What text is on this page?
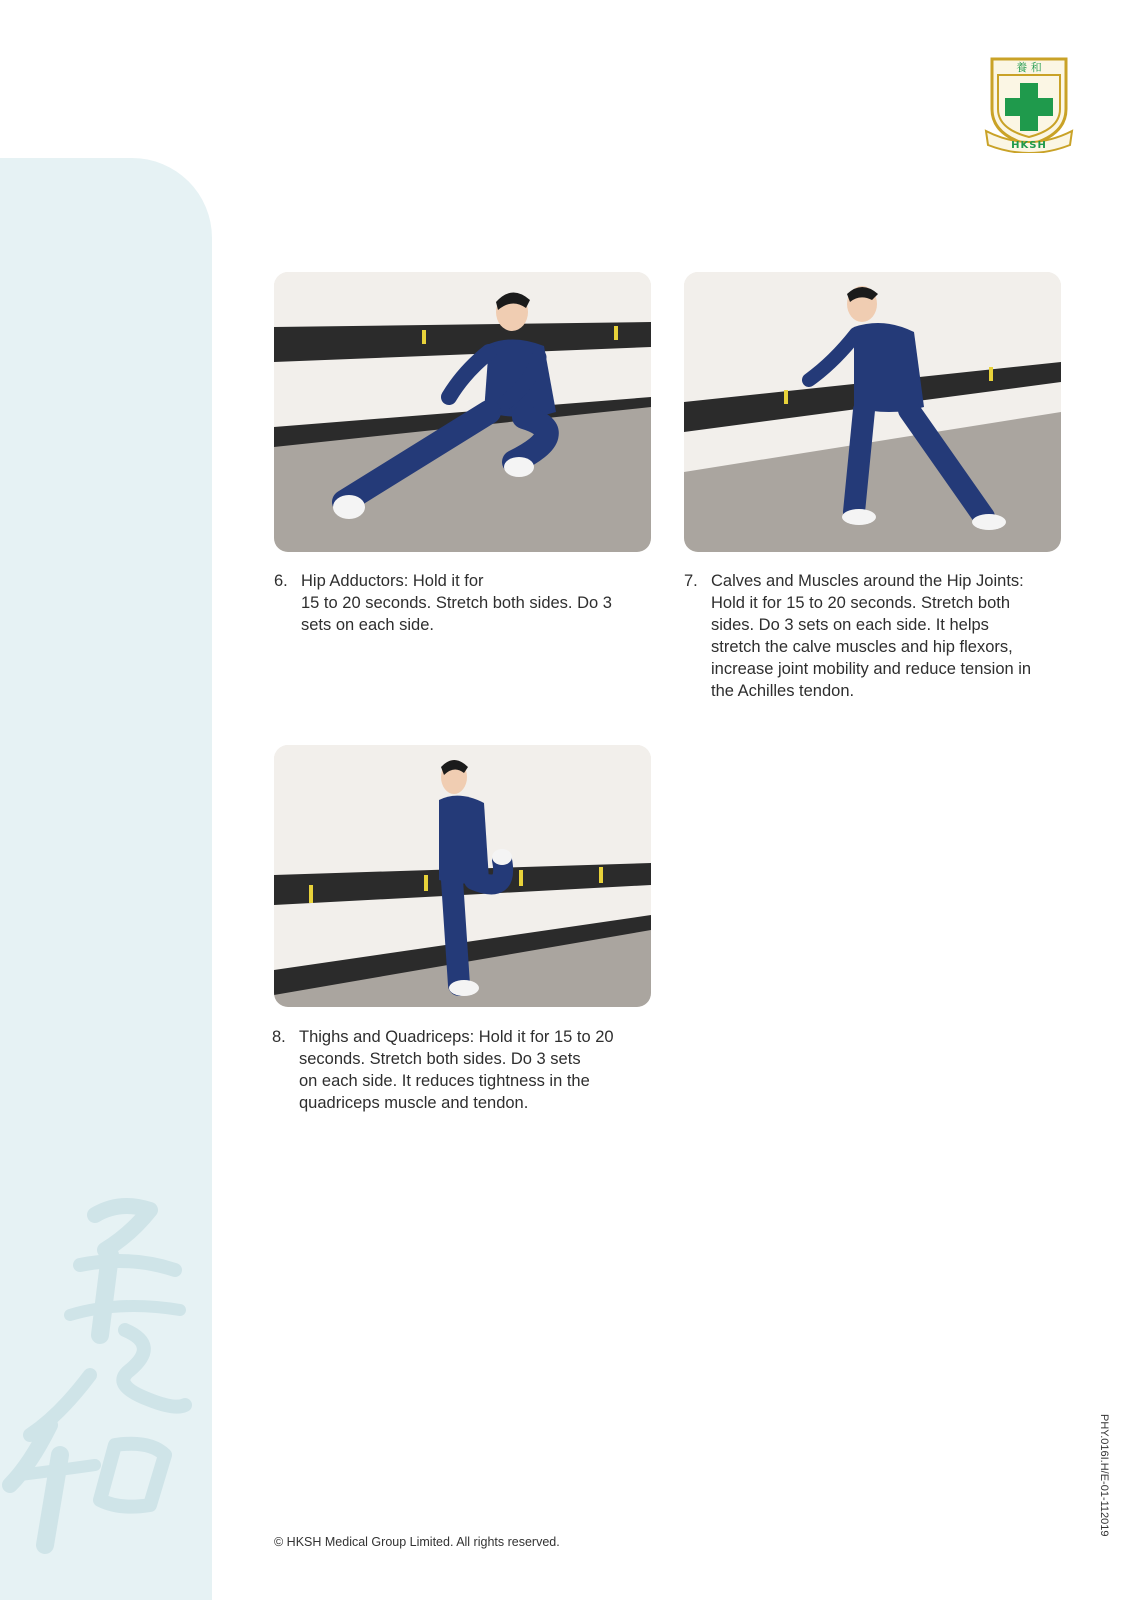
養 和
HKSH
6. Hip Adductors: Hold it for
15 to 20 seconds. Stretch both sides. Do 3
sets on each side.
7. Calves and Muscles around the Hip Joints:
Hold it for 15 to 20 seconds. Stretch both
sides. Do 3 sets on each side. It helps
stretch the calve muscles and hip flexors,
increase joint mobility and reduce tension in
the Achilles tendon.
8. Thighs and Quadriceps: Hold it for 15 to 20
seconds. Stretch both sides. Do 3 sets
on each side. It reduces tightness in the
quadriceps muscle and tendon.
© HKSH Medical Group Limited. All rights reserved.
PHY.016I.H/E-01-112019
